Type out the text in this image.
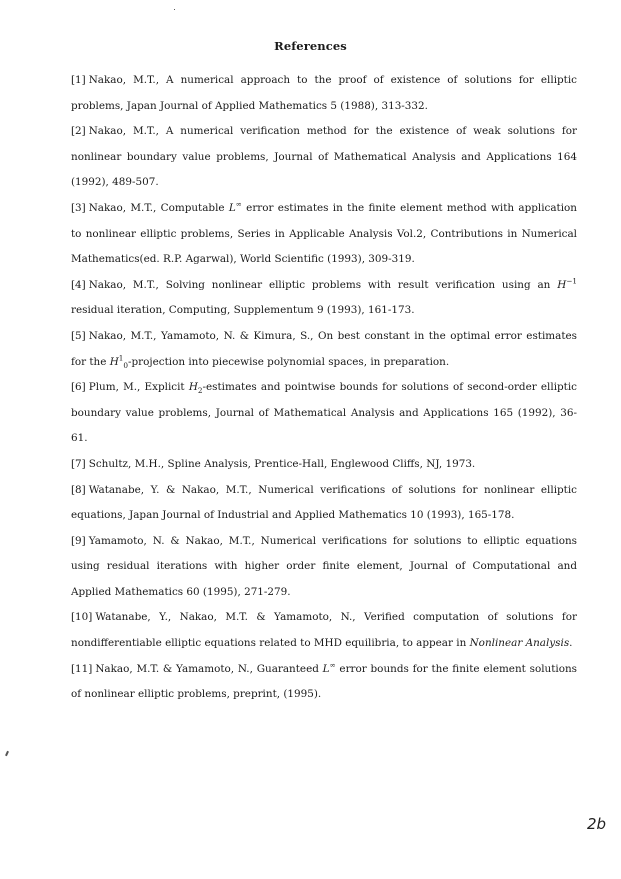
References

[1] Nakao, M.T., A numerical approach to the proof of existence of solutions for elliptic problems, Japan Journal of Applied Mathematics 5 (1988), 313-332.

[2] Nakao, M.T., A numerical verification method for the existence of weak solutions for nonlinear boundary value problems, Journal of Mathematical Analysis and Applications 164 (1992), 489-507.

[3] Nakao, M.T., Computable L∞ error estimates in the finite element method with application to nonlinear elliptic problems, Series in Applicable Analysis Vol.2, Contributions in Numerical Mathematics(ed. R.P. Agarwal), World Scientific (1993), 309-319.

[4] Nakao, M.T., Solving nonlinear elliptic problems with result verification using an $H^{-1}$ residual iteration, Computing, Supplementum 9 (1993), 161-173.

[5] Nakao, M.T., Yamamoto, N. & Kimura, S., On best constant in the optimal error estimates for the $H^1_0$-projection into piecewise polynomial spaces, in preparation.

[6] Plum, M., Explicit $H_2$-estimates and pointwise bounds for solutions of second-order elliptic boundary value problems, Journal of Mathematical Analysis and Applications 165 (1992), 36-61.

[7] Schultz, M.H., Spline Analysis, Prentice-Hall, Englewood Cliffs, NJ, 1973.

[8] Watanabe, Y. & Nakao, M.T., Numerical verifications of solutions for nonlinear elliptic equations, Japan Journal of Industrial and Applied Mathematics 10 (1993), 165-178.

[9] Yamamoto, N. & Nakao, M.T., Numerical verifications for solutions to elliptic equations using residual iterations with higher order finite element, Journal of Computational and Applied Mathematics 60 (1995), 271-279.

[10] Watanabe, Y., Nakao, M.T. & Yamamoto, N., Verified computation of solutions for nondifferentiable elliptic equations related to MHD equilibria, to appear in Nonlinear Analysis.

[11] Nakao, M.T. & Yamamoto, N., Guaranteed L∞ error bounds for the finite element solutions of nonlinear elliptic problems, preprint, (1995).

2b
